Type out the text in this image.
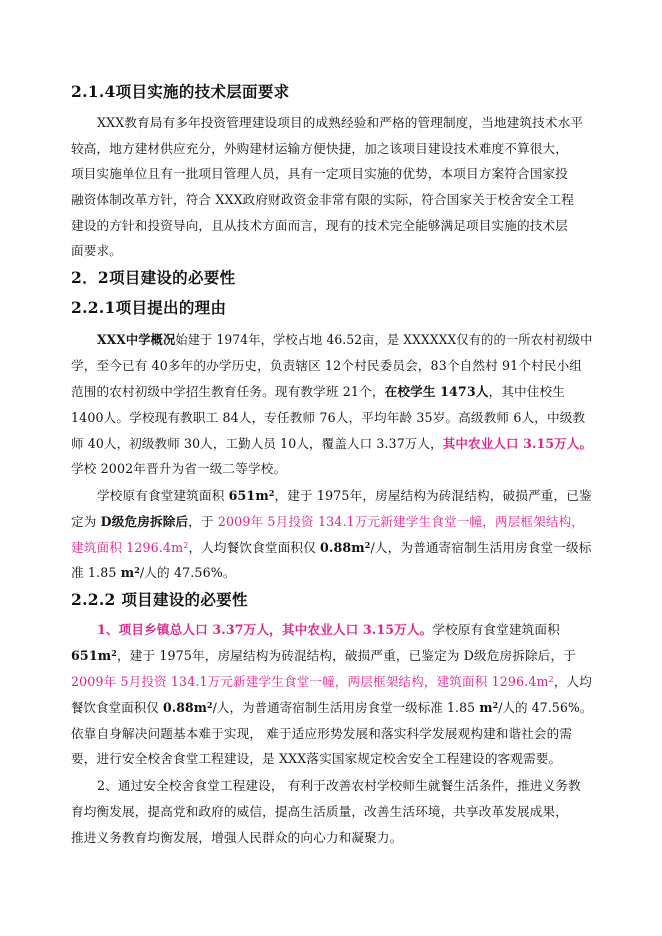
2.1.4项目实施的技术层面要求
XXX教育局有多年投资管理建设项目的成熟经验和严格的管理制度，当地建筑技术水平
较高，地方建材供应充分，外购建材运输方便快捷，加之该项目建设技术难度不算很大，
项目实施单位且有一批项目管理人员，具有一定项目实施的优势，本项目方案符合国家投
融资体制改革方针，符合 XXX政府财政资金非常有限的实际，符合国家关于校舍安全工程
建设的方针和投资导向，且从技术方面而言，现有的技术完全能够满足项目实施的技术层
面要求。
2．2项目建设的必要性
2.2.1项目提出的理由
XXX中学概况始建于 1974年，学校占地 46.52亩，是 XXXXXX仅有的的一所农村初级中
学，至今已有 40多年的办学历史，负责辖区 12个村民委员会，83个自然村 91个村民小组
范围的农村初级中学招生教育任务。现有教学班 21个，在校学生 1473人，其中住校生
1400人。学校现有教职工 84人，专任教师 76人，平均年龄 35岁。高级教师 6人，中级教
师 40人，初级教师 30人，工勤人员 10人，覆盖人口 3.37万人，其中农业人口 3.15万人。
学校 2002年晋升为省一级二等学校。
学校原有食堂建筑面积 $651m^2$，建于 1975年，房屋结构为砖混结构，破损严重，已鉴
定为 D级危房拆除后，于 2009年 5月投资 134.1万元新建学生食堂一幢，两层框架结构，
建筑面积 $1296.4m^2$，人均餐饮食堂面积仅 $0.88m^2/$人，为普通寄宿制生活用房食堂一级标
准 1.85 $m^2/$人的 47.56%。
2.2.2 项目建设的必要性
1、项目乡镇总人口 3.37万人，其中农业人口 3.15万人。学校原有食堂建筑面积
$651m^2$，建于 1975年，房屋结构为砖混结构，破损严重，已鉴定为 D级危房拆除后，于
2009年 5月投资 134.1万元新建学生食堂一幢，两层框架结构，建筑面积 $1296.4m^2$，人均
餐饮食堂面积仅 $0.88m^2/$人，为普通寄宿制生活用房食堂一级标准 1.85 $m^2/$人的 47.56%。
依靠自身解决问题基本难于实现， 难于适应形势发展和落实科学发展观构建和谐社会的需
要，进行安全校舍食堂工程建设，是 XXX落实国家规定校舍安全工程建设的客观需要。
2、通过安全校舍食堂工程建设， 有利于改善农村学校师生就餐生活条件，推进义务教
育均衡发展，提高党和政府的威信，提高生活质量，改善生活环境，共享改革发展成果，
推进义务教育均衡发展，增强人民群众的向心力和凝聚力。
